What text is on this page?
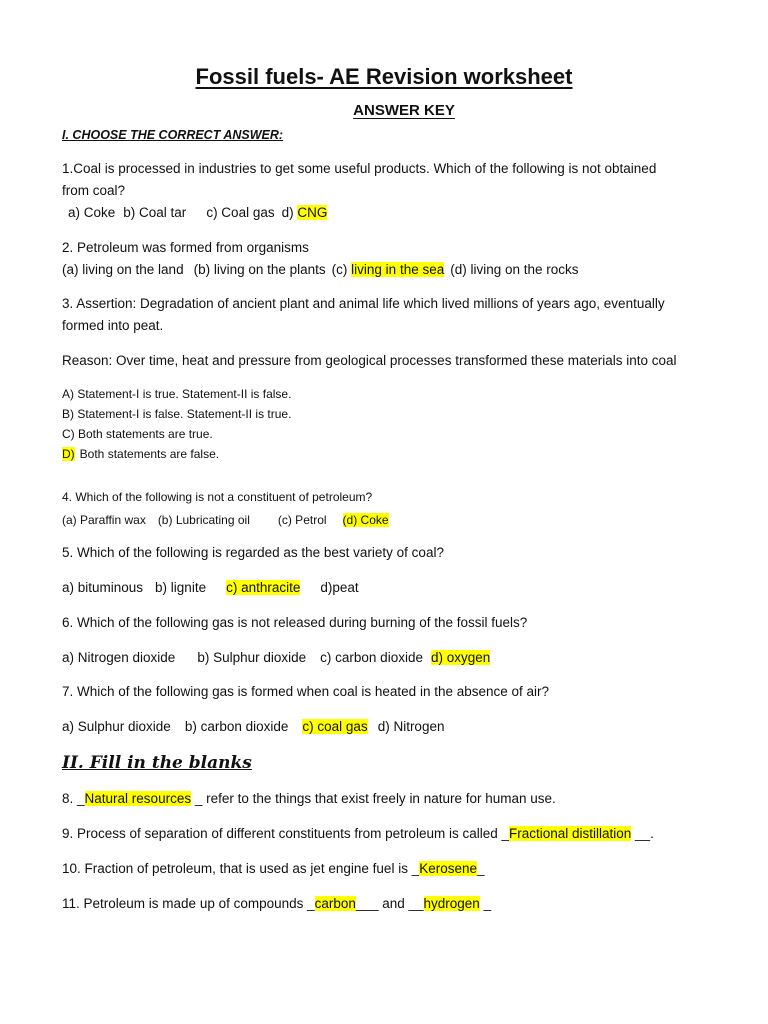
Fossil fuels- AE Revision worksheet
ANSWER KEY
I. CHOOSE THE CORRECT ANSWER:
1.Coal is processed in industries to get some useful products. Which of the following is not obtained
from coal?
a) Coke b) Coal tar c) Coal gas d) CNG
2. Petroleum was formed from organisms
(a) living on the land (b) living on the plants (c) living in the sea (d) living on the rocks
3. Assertion: Degradation of ancient plant and animal life which lived millions of years ago, eventually
formed into peat.
Reason: Over time, heat and pressure from geological processes transformed these materials into coal
A) Statement-I is true. Statement-II is false.
B) Statement-I is false. Statement-II is true.
C) Both statements are true.
D) Both statements are false.
4. Which of the following is not a constituent of petroleum?
(a) Paraffin wax (b) Lubricating oil (c) Petrol (d) Coke
5. Which of the following is regarded as the best variety of coal?
a) bituminous b) lignite c) anthracite d)peat
6. Which of the following gas is not released during burning of the fossil fuels?
a) Nitrogen dioxide b) Sulphur dioxide c) carbon dioxide d) oxygen
7. Which of the following gas is formed when coal is heated in the absence of air?
a) Sulphur dioxide b) carbon dioxide c) coal gas d) Nitrogen
II. Fill in the blanks
8. _Natural resources _ refer to the things that exist freely in nature for human use.
9. Process of separation of different constituents from petroleum is called _Fractional distillation __.
10. Fraction of petroleum, that is used as jet engine fuel is _Kerosene_
11. Petroleum is made up of compounds _carbon___ and __hydrogen _
